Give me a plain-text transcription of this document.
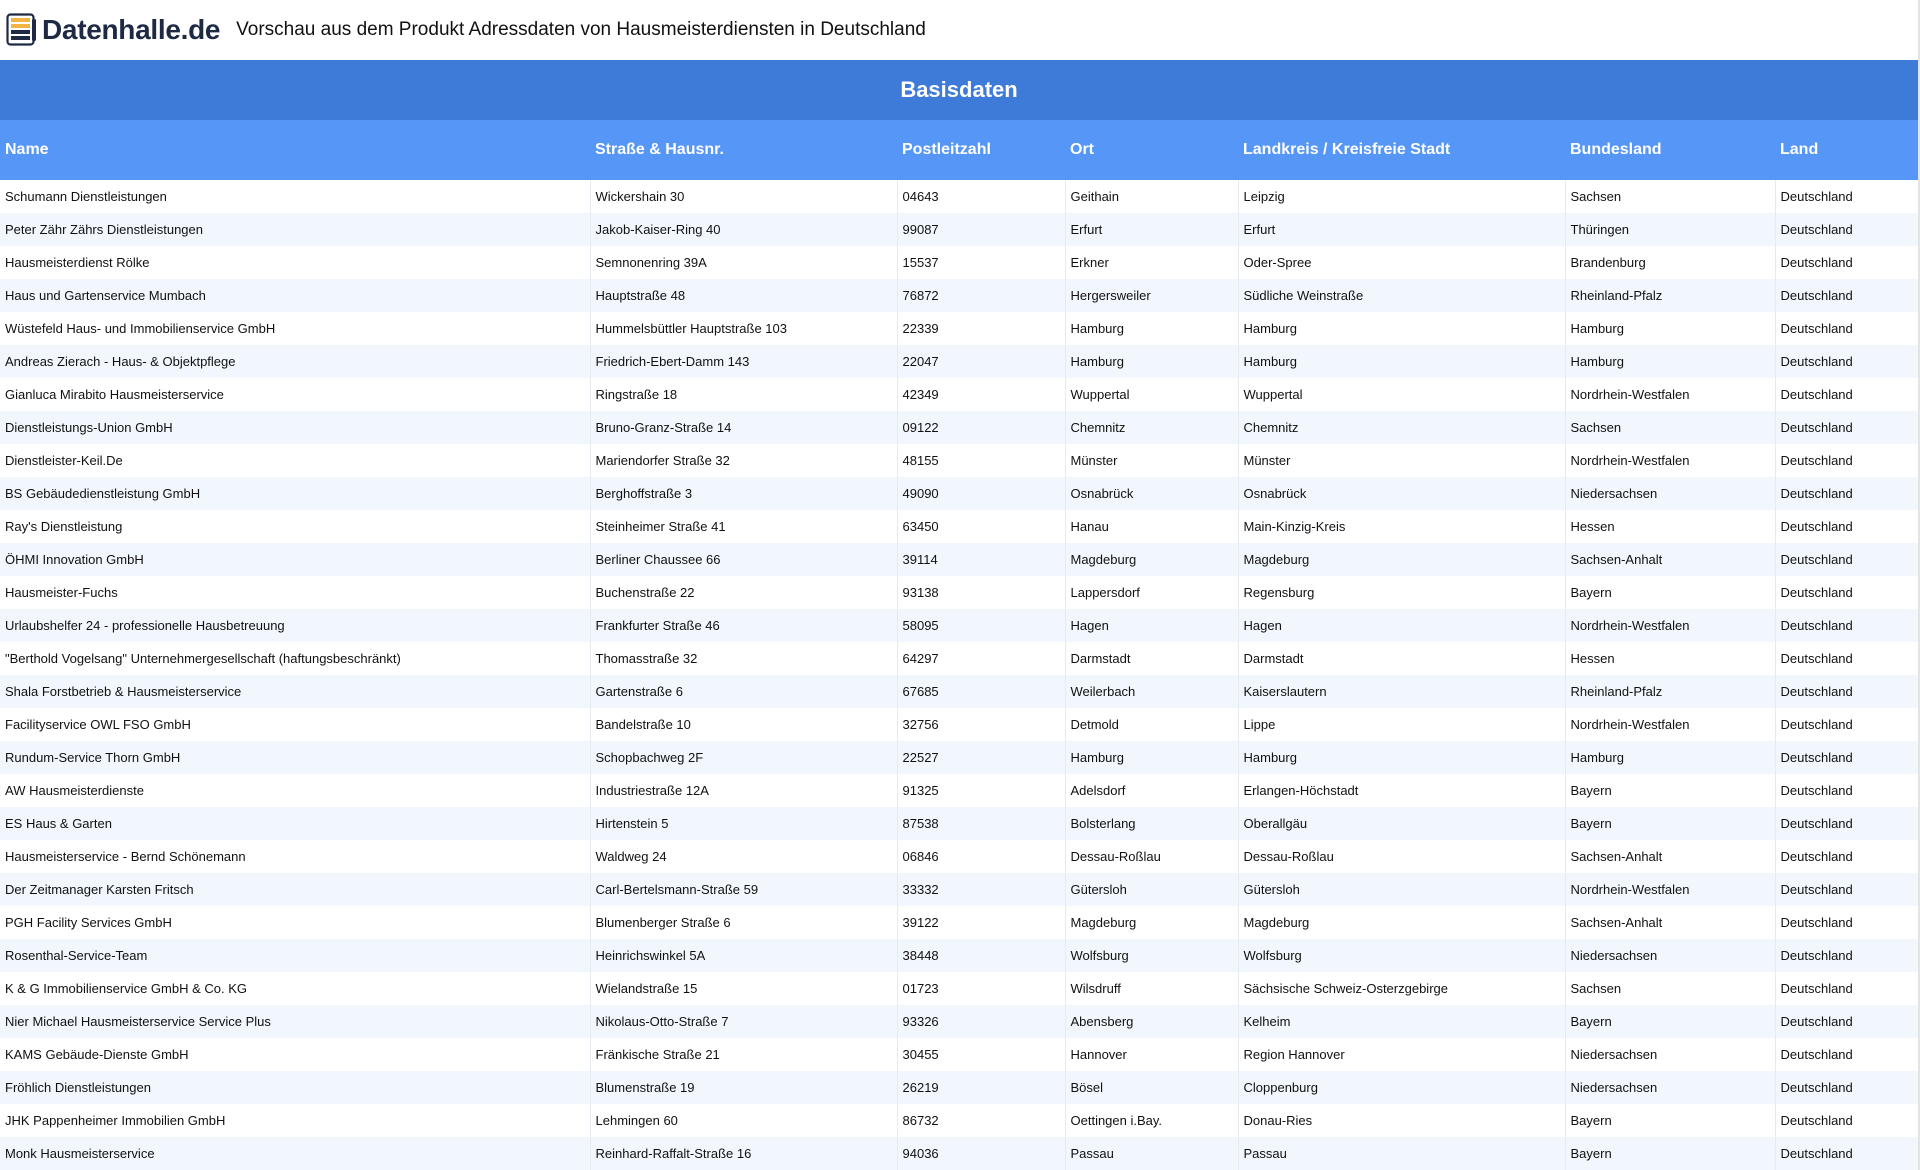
Datenhalle.de Vorschau aus dem Produkt Adressdaten von Hausmeisterdiensten in Deutschland
Basisdaten						
Name	Straße & Hausnr.	Postleitzahl	Ort	Landkreis / Kreisfreie Stadt	Bundesland	Land
Schumann Dienstleistungen	Wickershain 30	04643	Geithain	Leipzig	Sachsen	Deutschland
Peter Zähr Zährs Dienstleistungen	Jakob-Kaiser-Ring 40	99087	Erfurt	Erfurt	Thüringen	Deutschland
Hausmeisterdienst Rölke	Semnonenring 39A	15537	Erkner	Oder-Spree	Brandenburg	Deutschland
Haus und Gartenservice Mumbach	Hauptstraße 48	76872	Hergersweiler	Südliche Weinstraße	Rheinland-Pfalz	Deutschland
Wüstefeld Haus- und Immobilienservice GmbH	Hummelsbüttler Hauptstraße 103	22339	Hamburg	Hamburg	Hamburg	Deutschland
Andreas Zierach - Haus- & Objektpflege	Friedrich-Ebert-Damm 143	22047	Hamburg	Hamburg	Hamburg	Deutschland
Gianluca Mirabito Hausmeisterservice	Ringstraße 18	42349	Wuppertal	Wuppertal	Nordrhein-Westfalen	Deutschland
Dienstleistungs-Union GmbH	Bruno-Granz-Straße 14	09122	Chemnitz	Chemnitz	Sachsen	Deutschland
Dienstleister-Keil.De	Mariendorfer Straße 32	48155	Münster	Münster	Nordrhein-Westfalen	Deutschland
BS Gebäudedienstleistung GmbH	Berghoffstraße 3	49090	Osnabrück	Osnabrück	Niedersachsen	Deutschland
Ray's Dienstleistung	Steinheimer Straße 41	63450	Hanau	Main-Kinzig-Kreis	Hessen	Deutschland
ÖHMI Innovation GmbH	Berliner Chaussee 66	39114	Magdeburg	Magdeburg	Sachsen-Anhalt	Deutschland
Hausmeister-Fuchs	Buchenstraße 22	93138	Lappersdorf	Regensburg	Bayern	Deutschland
Urlaubshelfer 24 - professionelle Hausbetreuung	Frankfurter Straße 46	58095	Hagen	Hagen	Nordrhein-Westfalen	Deutschland
"Berthold Vogelsang" Unternehmergesellschaft (haftungsbeschränkt)	Thomasstraße 32	64297	Darmstadt	Darmstadt	Hessen	Deutschland
Shala Forstbetrieb & Hausmeisterservice	Gartenstraße 6	67685	Weilerbach	Kaiserslautern	Rheinland-Pfalz	Deutschland
Facilityservice OWL FSO GmbH	Bandelstraße 10	32756	Detmold	Lippe	Nordrhein-Westfalen	Deutschland
Rundum-Service Thorn GmbH	Schopbachweg 2F	22527	Hamburg	Hamburg	Hamburg	Deutschland
AW Hausmeisterdienste	Industriestraße 12A	91325	Adelsdorf	Erlangen-Höchstadt	Bayern	Deutschland
ES Haus & Garten	Hirtenstein 5	87538	Bolsterlang	Oberallgäu	Bayern	Deutschland
Hausmeisterservice - Bernd Schönemann	Waldweg 24	06846	Dessau-Roßlau	Dessau-Roßlau	Sachsen-Anhalt	Deutschland
Der Zeitmanager Karsten Fritsch	Carl-Bertelsmann-Straße 59	33332	Gütersloh	Gütersloh	Nordrhein-Westfalen	Deutschland
PGH Facility Services GmbH	Blumenberger Straße 6	39122	Magdeburg	Magdeburg	Sachsen-Anhalt	Deutschland
Rosenthal-Service-Team	Heinrichswinkel 5A	38448	Wolfsburg	Wolfsburg	Niedersachsen	Deutschland
K & G Immobilienservice GmbH & Co. KG	Wielandstraße 15	01723	Wilsdruff	Sächsische Schweiz-Osterzgebirge	Sachsen	Deutschland
Nier Michael Hausmeisterservice Service Plus	Nikolaus-Otto-Straße 7	93326	Abensberg	Kelheim	Bayern	Deutschland
KAMS Gebäude-Dienste GmbH	Fränkische Straße 21	30455	Hannover	Region Hannover	Niedersachsen	Deutschland
Fröhlich Dienstleistungen	Blumenstraße 19	26219	Bösel	Cloppenburg	Niedersachsen	Deutschland
JHK Pappenheimer Immobilien GmbH	Lehmingen 60	86732	Oettingen i.Bay.	Donau-Ries	Bayern	Deutschland
Monk Hausmeisterservice	Reinhard-Raffalt-Straße 16	94036	Passau	Passau	Bayern	Deutschland
